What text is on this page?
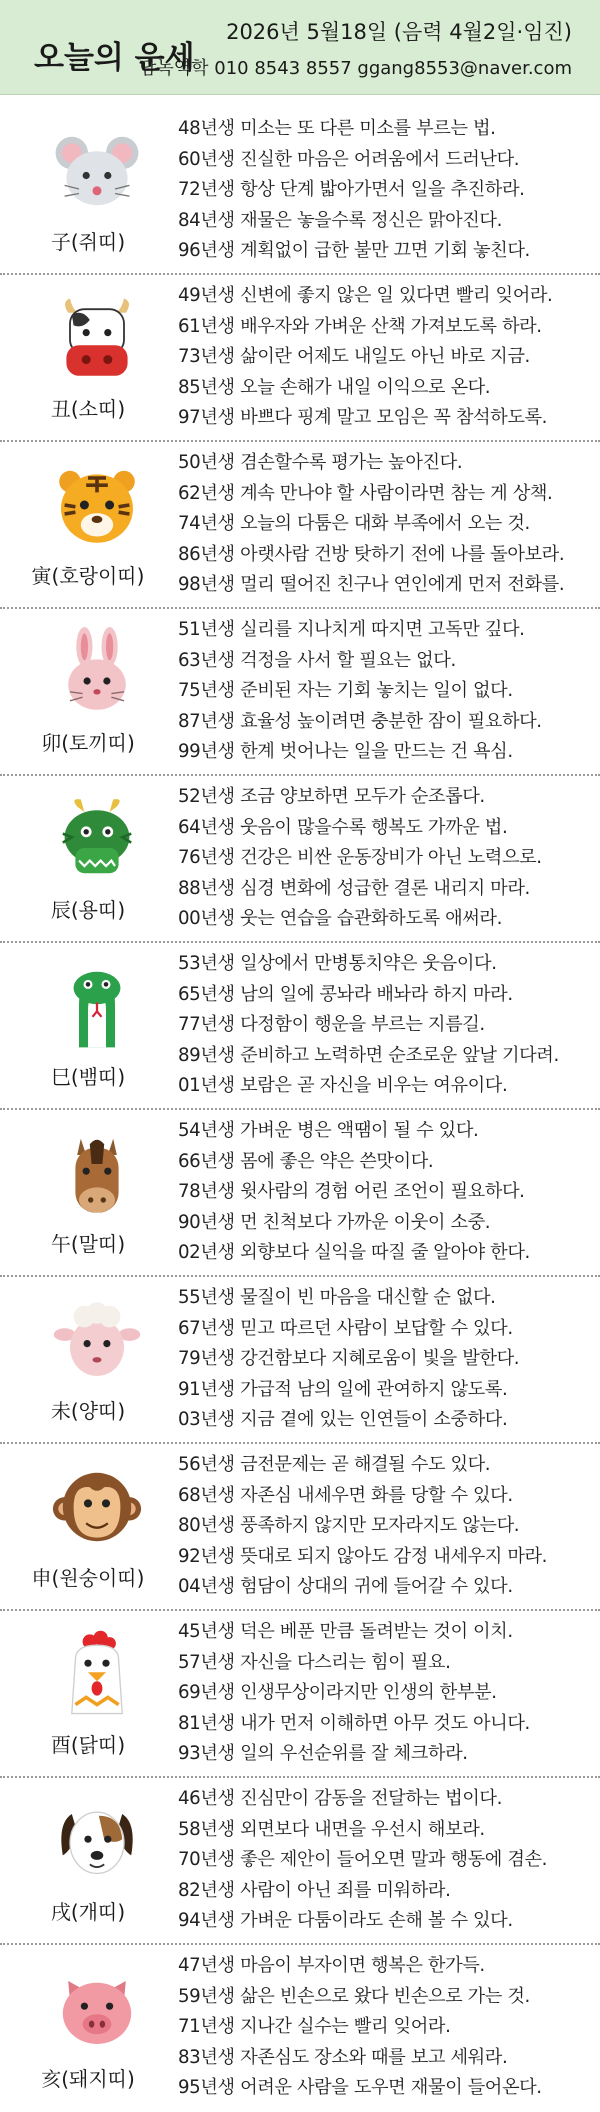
오늘의 운세
2026년 5월18일 (음력 4월2일·임진)
담녹역학 010 8543 8557 ggang8553@naver.com
子(쥐띠)
48년생 미소는 또 다른 미소를 부르는 법.
60년생 진실한 마음은 어려움에서 드러난다.
72년생 항상 단계 밟아가면서 일을 추진하라.
84년생 재물은 놓을수록 정신은 맑아진다.
96년생 계획없이 급한 불만 끄면 기회 놓친다.
丑(소띠)
49년생 신변에 좋지 않은 일 있다면 빨리 잊어라.
61년생 배우자와 가벼운 산책 가져보도록 하라.
73년생 삶이란 어제도 내일도 아닌 바로 지금.
85년생 오늘 손해가 내일 이익으로 온다.
97년생 바쁘다 핑계 말고 모임은 꼭 참석하도록.
寅(호랑이띠)
50년생 겸손할수록 평가는 높아진다.
62년생 계속 만나야 할 사람이라면 참는 게 상책.
74년생 오늘의 다툼은 대화 부족에서 오는 것.
86년생 아랫사람 건방 탓하기 전에 나를 돌아보라.
98년생 멀리 떨어진 친구나 연인에게 먼저 전화를.
卯(토끼띠)
51년생 실리를 지나치게 따지면 고독만 깊다.
63년생 걱정을 사서 할 필요는 없다.
75년생 준비된 자는 기회 놓치는 일이 없다.
87년생 효율성 높이려면 충분한 잠이 필요하다.
99년생 한계 벗어나는 일을 만드는 건 욕심.
辰(용띠)
52년생 조금 양보하면 모두가 순조롭다.
64년생 웃음이 많을수록 행복도 가까운 법.
76년생 건강은 비싼 운동장비가 아닌 노력으로.
88년생 심경 변화에 성급한 결론 내리지 마라.
00년생 웃는 연습을 습관화하도록 애써라.
巳(뱀띠)
53년생 일상에서 만병통치약은 웃음이다.
65년생 남의 일에 콩놔라 배놔라 하지 마라.
77년생 다정함이 행운을 부르는 지름길.
89년생 준비하고 노력하면 순조로운 앞날 기다려.
01년생 보람은 곧 자신을 비우는 여유이다.
午(말띠)
54년생 가벼운 병은 액땜이 될 수 있다.
66년생 몸에 좋은 약은 쓴맛이다.
78년생 윗사람의 경험 어린 조언이 필요하다.
90년생 먼 친척보다 가까운 이웃이 소중.
02년생 외향보다 실익을 따질 줄 알아야 한다.
未(양띠)
55년생 물질이 빈 마음을 대신할 순 없다.
67년생 믿고 따르던 사람이 보답할 수 있다.
79년생 강건함보다 지혜로움이 빛을 발한다.
91년생 가급적 남의 일에 관여하지 않도록.
03년생 지금 곁에 있는 인연들이 소중하다.
申(원숭이띠)
56년생 금전문제는 곧 해결될 수도 있다.
68년생 자존심 내세우면 화를 당할 수 있다.
80년생 풍족하지 않지만 모자라지도 않는다.
92년생 뜻대로 되지 않아도 감정 내세우지 마라.
04년생 험담이 상대의 귀에 들어갈 수 있다.
酉(닭띠)
45년생 덕은 베푼 만큼 돌려받는 것이 이치.
57년생 자신을 다스리는 힘이 필요.
69년생 인생무상이라지만 인생의 한부분.
81년생 내가 먼저 이해하면 아무 것도 아니다.
93년생 일의 우선순위를 잘 체크하라.
戌(개띠)
46년생 진심만이 감동을 전달하는 법이다.
58년생 외면보다 내면을 우선시 해보라.
70년생 좋은 제안이 들어오면 말과 행동에 겸손.
82년생 사람이 아닌 죄를 미워하라.
94년생 가벼운 다툼이라도 손해 볼 수 있다.
亥(돼지띠)
47년생 마음이 부자이면 행복은 한가득.
59년생 삶은 빈손으로 왔다 빈손으로 가는 것.
71년생 지나간 실수는 빨리 잊어라.
83년생 자존심도 장소와 때를 보고 세워라.
95년생 어려운 사람을 도우면 재물이 들어온다.
